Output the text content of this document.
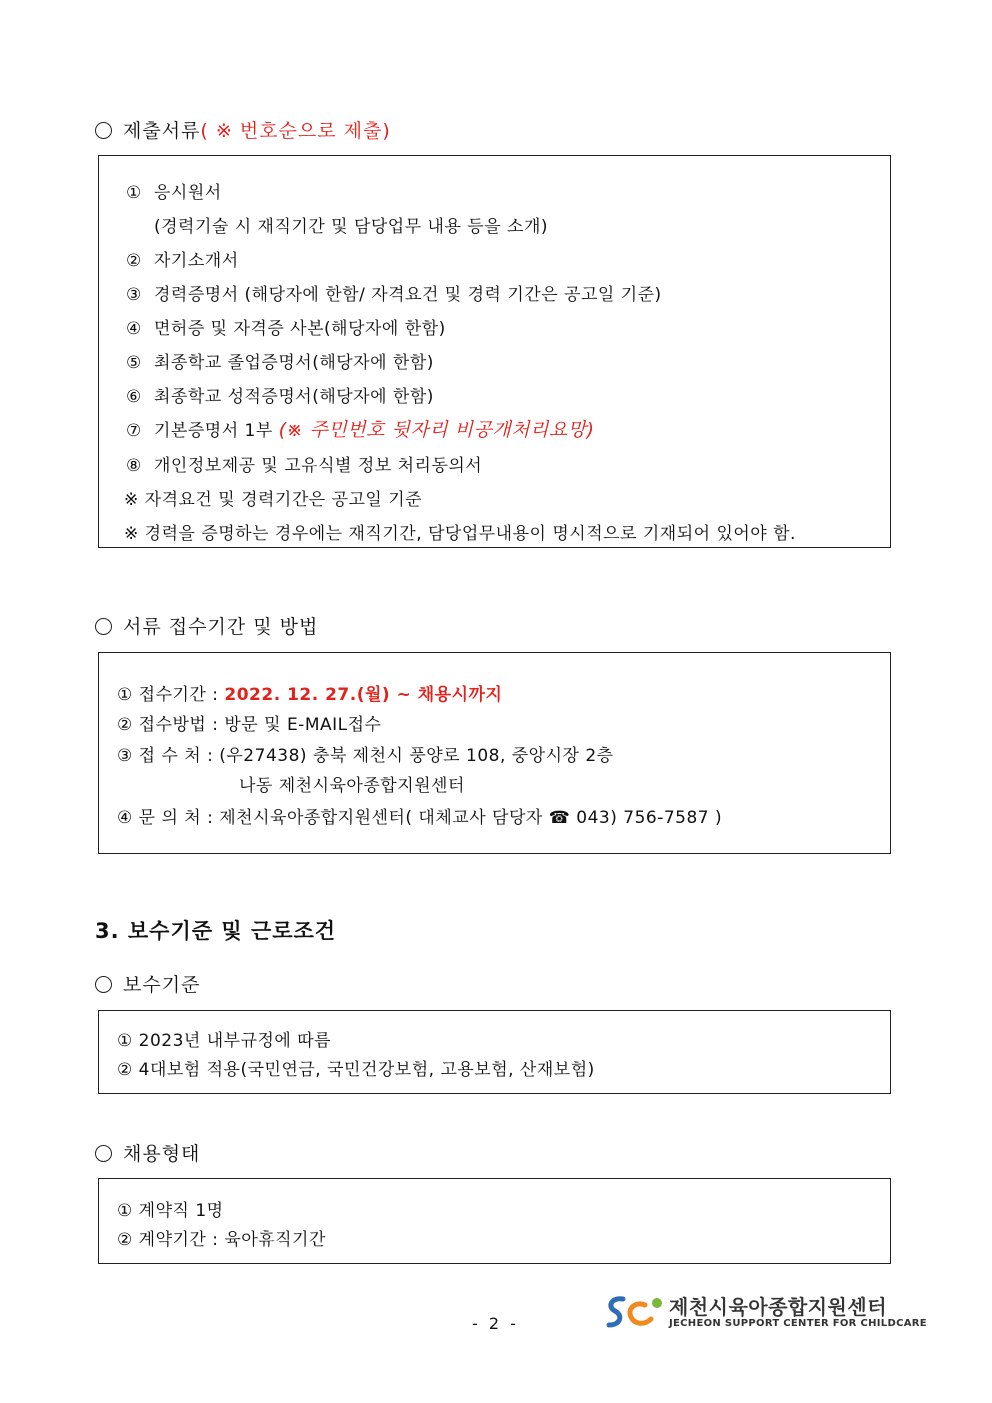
제출서류( ※ 번호순으로 제출)
① 응시원서
(경력기술 시 재직기간 및 담당업무 내용 등을 소개)
② 자기소개서
③ 경력증명서 (해당자에 한함/ 자격요건 및 경력 기간은 공고일 기준)
④ 면허증 및 자격증 사본(해당자에 한함)
⑤ 최종학교 졸업증명서(해당자에 한함)
⑥ 최종학교 성적증명서(해당자에 한함)
⑦ 기본증명서 1부 (※ 주민번호 뒷자리 비공개처리요망)
⑧ 개인정보제공 및 고유식별 정보 처리동의서
※ 자격요건 및 경력기간은 공고일 기준
※ 경력을 증명하는 경우에는 재직기간, 담당업무내용이 명시적으로 기재되어 있어야 함.
서류 접수기간 및 방법
① 접수기간 : 2022. 12. 27.(월) ~ 채용시까지
② 접수방법 : 방문 및 E-MAIL접수
③ 접 수 처 : (우27438) 충북 제천시 풍양로 108, 중앙시장 2층
나동 제천시육아종합지원센터
④ 문 의 처 : 제천시육아종합지원센터( 대체교사 담당자 ☎ 043) 756-7587 )
3. 보수기준 및 근로조건
보수기준
① 2023년 내부규정에 따름
② 4대보험 적용(국민연금, 국민건강보험, 고용보험, 산재보험)
채용형태
① 계약직 1명
② 계약기간 : 육아휴직기간
- 2 -
제천시육아종합지원센터
JECHEON SUPPORT CENTER FOR CHILDCARE
